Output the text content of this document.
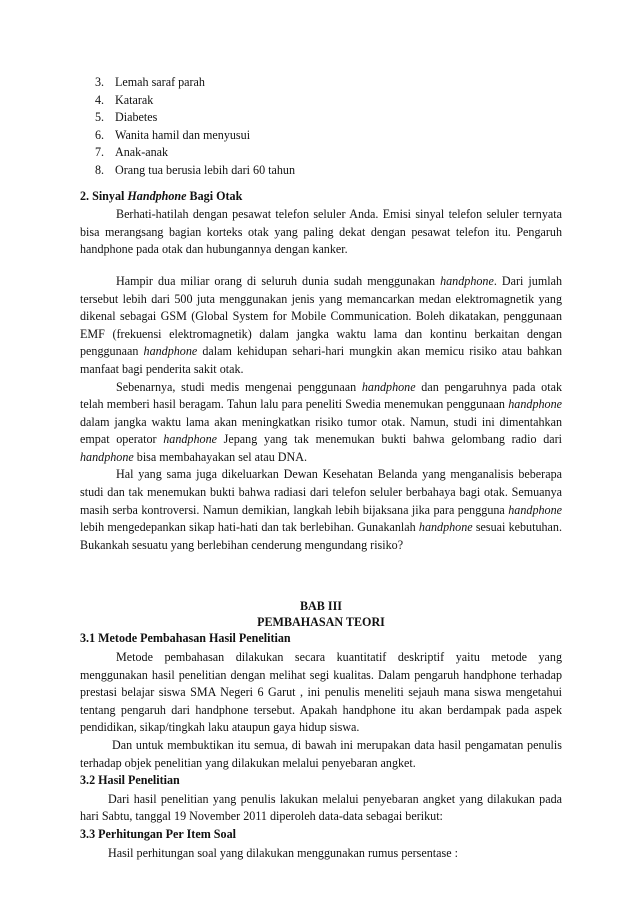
3. Lemah saraf parah
4. Katarak
5. Diabetes
6. Wanita hamil dan menyusui
7. Anak-anak
8. Orang tua berusia lebih dari 60 tahun
2. Sinyal Handphone Bagi Otak

Berhati-hatilah dengan pesawat telefon seluler Anda. Emisi sinyal telefon seluler ternyata bisa merangsang bagian korteks otak yang paling dekat dengan pesawat telefon itu. Pengaruh handphone pada otak dan hubungannya dengan kanker.

Hampir dua miliar orang di seluruh dunia sudah menggunakan handphone. Dari jumlah tersebut lebih dari 500 juta menggunakan jenis yang memancarkan medan elektromagnetik yang dikenal sebagai GSM (Global System for Mobile Communication. Boleh dikatakan, penggunaan EMF (frekuensi elektromagnetik) dalam jangka waktu lama dan kontinu berkaitan dengan penggunaan handphone dalam kehidupan sehari-hari mungkin akan memicu risiko atau bahkan manfaat bagi penderita sakit otak.

Sebenarnya, studi medis mengenai penggunaan handphone dan pengaruhnya pada otak telah memberi hasil beragam. Tahun lalu para peneliti Swedia menemukan penggunaan handphone dalam jangka waktu lama akan meningkatkan risiko tumor otak. Namun, studi ini dimentahkan empat operator handphone Jepang yang tak menemukan bukti bahwa gelombang radio dari handphone bisa membahayakan sel atau DNA.

Hal yang sama juga dikeluarkan Dewan Kesehatan Belanda yang menganalisis beberapa studi dan tak menemukan bukti bahwa radiasi dari telefon seluler berbahaya bagi otak. Semuanya masih serba kontroversi. Namun demikian, langkah lebih bijaksana jika para pengguna handphone lebih mengedepankan sikap hati-hati dan tak berlebihan. Gunakanlah handphone sesuai kebutuhan. Bukankah sesuatu yang berlebihan cenderung mengundang risiko?

BAB III
PEMBAHASAN TEORI
3.1 Metode Pembahasan Hasil Penelitian

Metode pembahasan dilakukan secara kuantitatif deskriptif yaitu metode yang menggunakan hasil penelitian dengan melihat segi kualitas. Dalam pengaruh handphone terhadap prestasi belajar siswa SMA Negeri 6 Garut , ini penulis meneliti sejauh mana siswa mengetahui tentang pengaruh dari handphone tersebut. Apakah handphone itu akan berdampak pada aspek pendidikan, sikap/tingkah laku ataupun gaya hidup siswa.

Dan untuk membuktikan itu semua, di bawah ini merupakan data hasil pengamatan penulis terhadap objek penelitian yang dilakukan melalui penyebaran angket.

3.2 Hasil Penelitian

Dari hasil penelitian yang penulis lakukan melalui penyebaran angket yang dilakukan pada hari Sabtu, tanggal 19 November 2011 diperoleh data-data sebagai berikut:

3.3 Perhitungan Per Item Soal

Hasil perhitungan soal yang dilakukan menggunakan rumus persentase :
